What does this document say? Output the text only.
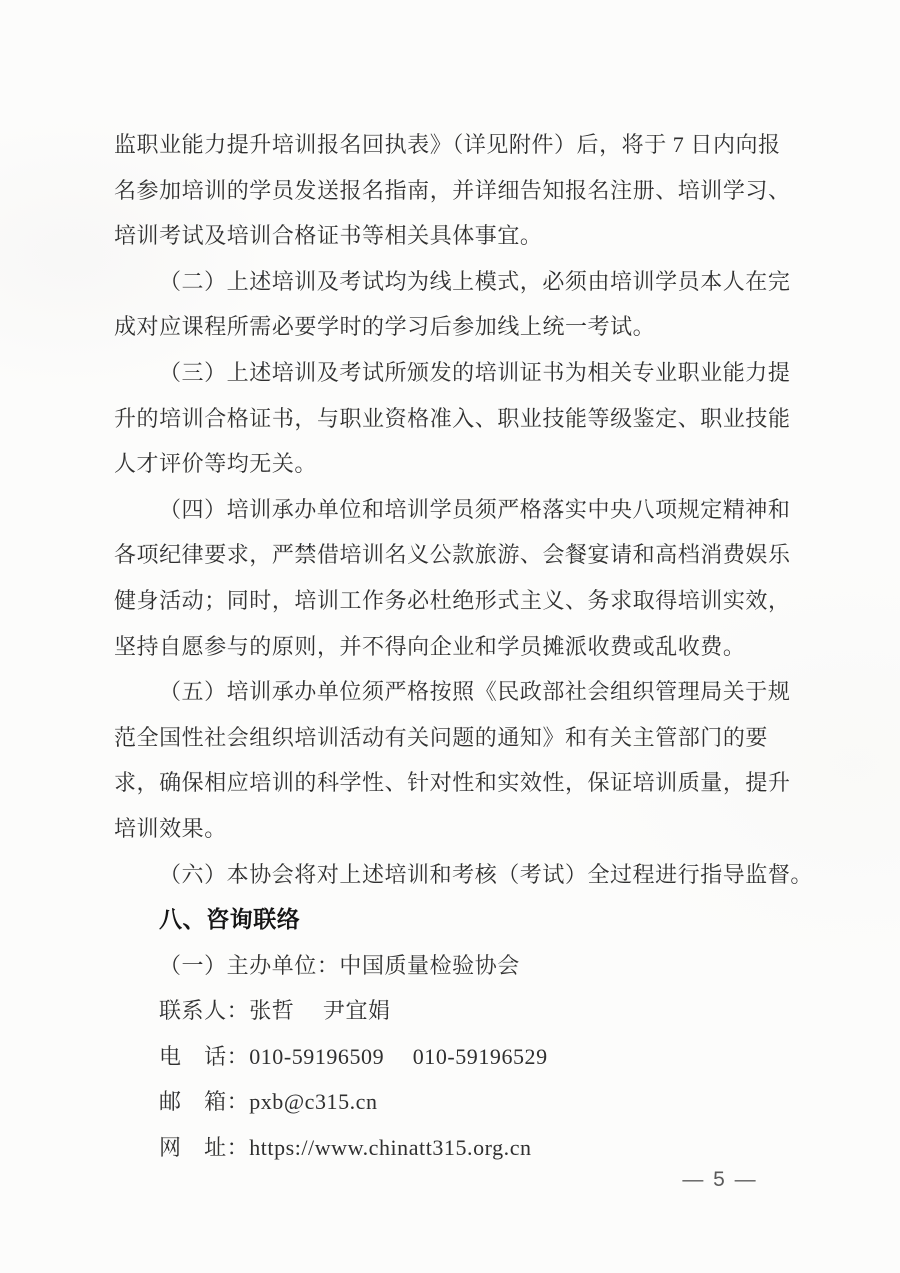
监职业能力提升培训报名回执表》（详见附件）后，将于 7 日内向报
名参加培训的学员发送报名指南，并详细告知报名注册、培训学习、
培训考试及培训合格证书等相关具体事宜。
（二）上述培训及考试均为线上模式，必须由培训学员本人在完
成对应课程所需必要学时的学习后参加线上统一考试。
（三）上述培训及考试所颁发的培训证书为相关专业职业能力提
升的培训合格证书，与职业资格准入、职业技能等级鉴定、职业技能
人才评价等均无关。
（四）培训承办单位和培训学员须严格落实中央八项规定精神和
各项纪律要求，严禁借培训名义公款旅游、会餐宴请和高档消费娱乐
健身活动；同时，培训工作务必杜绝形式主义、务求取得培训实效，
坚持自愿参与的原则，并不得向企业和学员摊派收费或乱收费。
（五）培训承办单位须严格按照《民政部社会组织管理局关于规
范全国性社会组织培训活动有关问题的通知》和有关主管部门的要
求，确保相应培训的科学性、针对性和实效性，保证培训质量，提升
培训效果。
（六）本协会将对上述培训和考核（考试）全过程进行指导监督。
八、咨询联络
（一）主办单位：中国质量检验协会
联系人：张哲　 尹宜娟
电　话：010-59196509　 010-59196529
邮　箱：pxb@c315.cn
网　址：https://www.chinatt315.org.cn
— 5 —
